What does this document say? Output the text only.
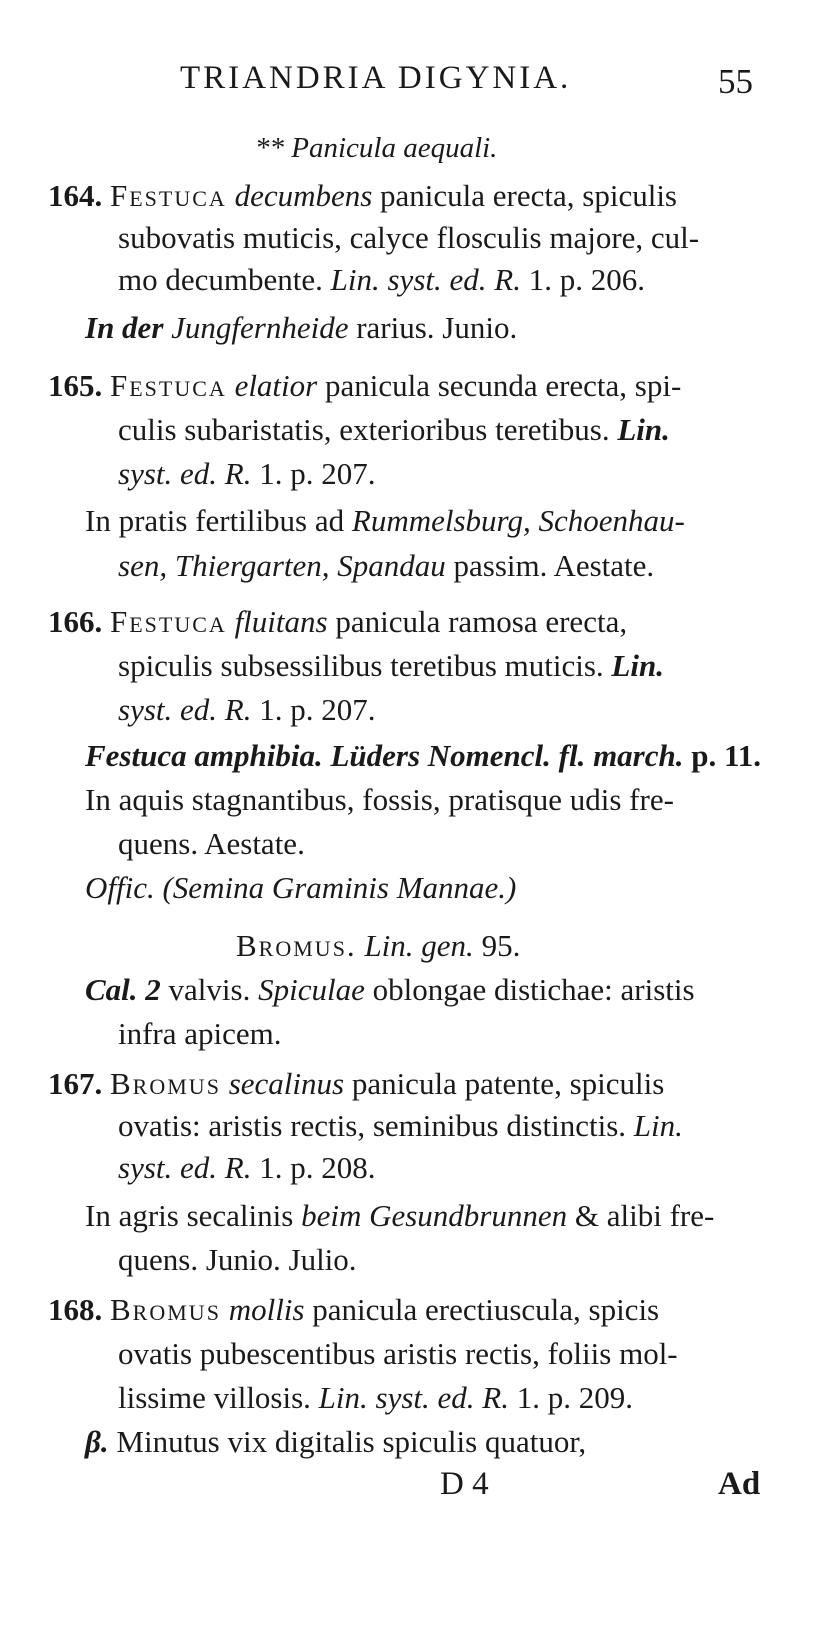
TRIANDRIA DIGYNIA.	55
** Panicula aequali.
164. Festuca decumbens panicula erecta, spiculis
subovatis muticis, calyce flosculis majore, cul-
mo decumbente. Lin. syst. ed. R. 1. p. 206.
In der Jungfernheide rarius. Junio.
165. Festuca elatior panicula secunda erecta, spi-
culis subaristatis, exterioribus teretibus. Lin.
syst. ed. R. 1. p. 207.
In pratis fertilibus ad Rummelsburg, Schoenhau-
sen, Thiergarten, Spandau passim. Aestate.
166. Festuca fluitans panicula ramosa erecta,
spiculis subsessilibus teretibus muticis. Lin.
syst. ed. R. 1. p. 207.
Festuca amphibia. Lüders Nomencl. fl. march. p. 11.
In aquis stagnantibus, fossis, pratisque udis fre-
quens. Aestate.
Offic. (Semina Graminis Mannae.)
Bromus. Lin. gen. 95.
Cal. 2 valvis. Spiculae oblongae distichae: aristis
infra apicem.
167. Bromus secalinus panicula patente, spiculis
ovatis: aristis rectis, seminibus distinctis. Lin.
syst. ed. R. 1. p. 208.
In agris secalinis beim Gesundbrunnen & alibi fre-
quens. Junio. Julio.
168. Bromus mollis panicula erectiuscula, spicis
ovatis pubescentibus aristis rectis, foliis mol-
lissime villosis. Lin. syst. ed. R. 1. p. 209.
β. Minutus vix digitalis spiculis quatuor,
D 4	Ad
